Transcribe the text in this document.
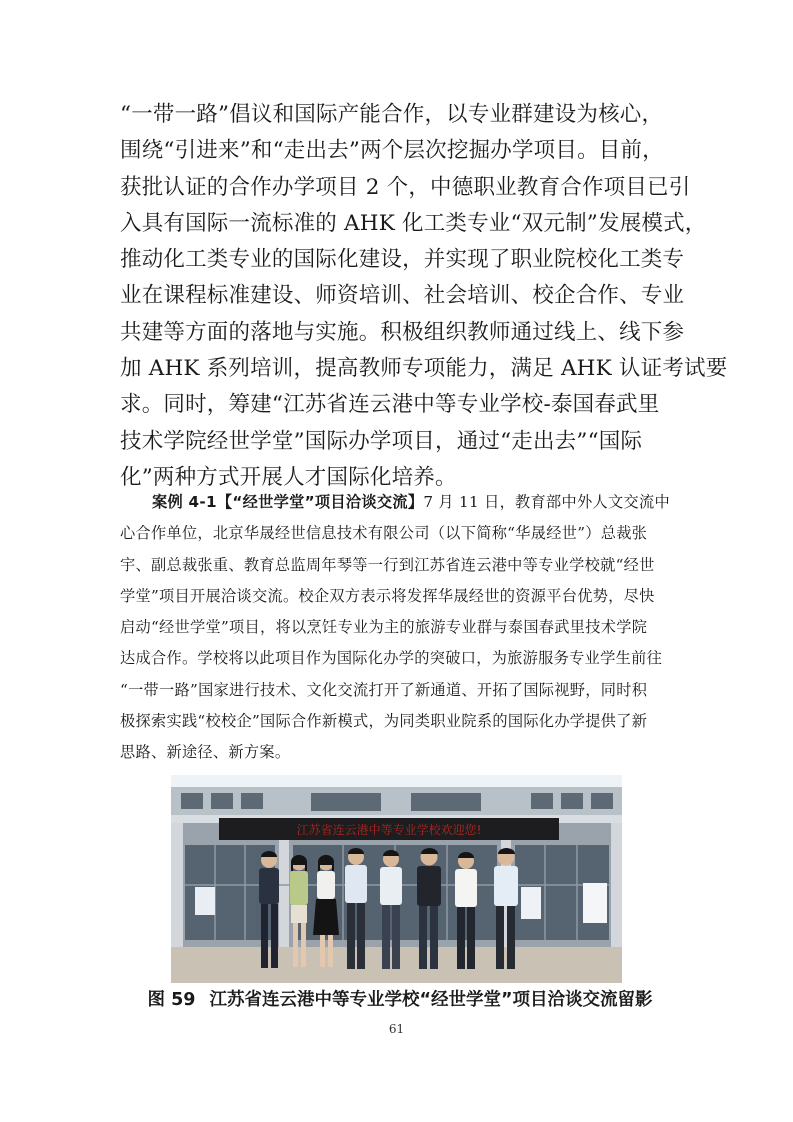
“一带一路”倡议和国际产能合作，以专业群建设为核心，
围绕“引进来”和“走出去”两个层次挖掘办学项目。目前，
获批认证的合作办学项目 2 个，中德职业教育合作项目已引
入具有国际一流标准的 AHK 化工类专业“双元制”发展模式，
推动化工类专业的国际化建设，并实现了职业院校化工类专
业在课程标准建设、师资培训、社会培训、校企合作、专业
共建等方面的落地与实施。积极组织教师通过线上、线下参
加 AHK 系列培训，提高教师专项能力，满足 AHK 认证考试要
求。同时，筹建“江苏省连云港中等专业学校-泰国春武里
技术学院经世学堂”国际办学项目，通过“走出去”“国际
化”两种方式开展人才国际化培养。
案例 4-1【“经世学堂”项目洽谈交流】7 月 11 日，教育部中外人文交流中
心合作单位，北京华晟经世信息技术有限公司（以下简称“华晟经世”）总裁张
宇、副总裁张重、教育总监周年琴等一行到江苏省连云港中等专业学校就“经世
学堂”项目开展洽谈交流。校企双方表示将发挥华晟经世的资源平台优势，尽快
启动“经世学堂”项目，将以烹饪专业为主的旅游专业群与泰国春武里技术学院
达成合作。学校将以此项目作为国际化办学的突破口，为旅游服务专业学生前往
“一带一路”国家进行技术、文化交流打开了新通道、开拓了国际视野，同时积
极探索实践“校校企”国际合作新模式，为同类职业院系的国际化办学提供了新
思路、新途径、新方案。
江苏省连云港中等专业学校欢迎您!
图 59 江苏省连云港中等专业学校“经世学堂”项目洽谈交流留影
61
